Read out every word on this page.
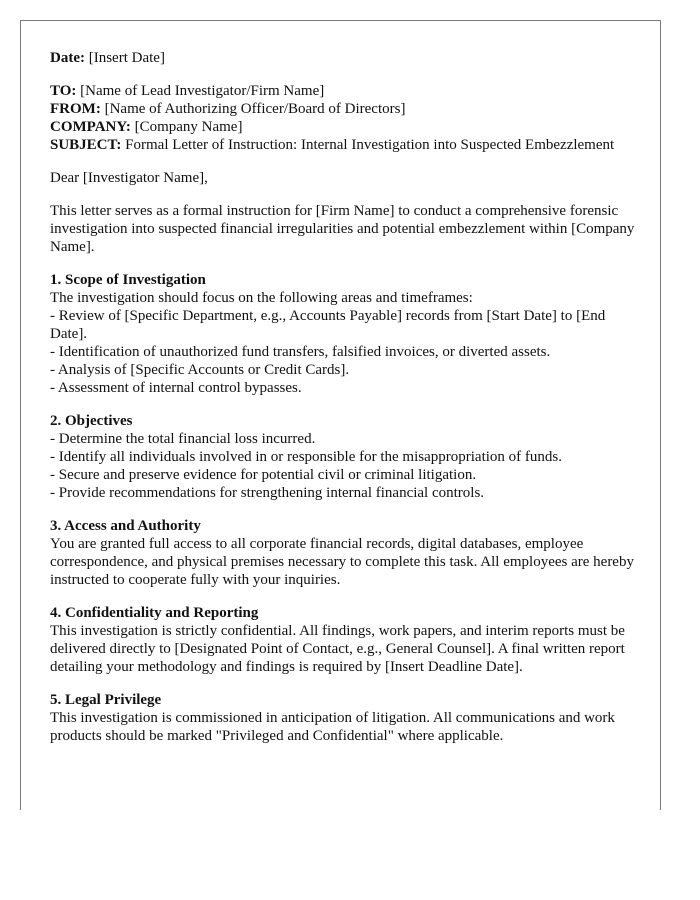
Date: [Insert Date]
TO: [Name of Lead Investigator/Firm Name]
FROM: [Name of Authorizing Officer/Board of Directors]
COMPANY: [Company Name]
SUBJECT: Formal Letter of Instruction: Internal Investigation into Suspected Embezzlement

Dear [Investigator Name],

This letter serves as a formal instruction for [Firm Name] to conduct a comprehensive forensic investigation into suspected financial irregularities and potential embezzlement within [Company Name].

1. Scope of Investigation
The investigation should focus on the following areas and timeframes:
- Review of [Specific Department, e.g., Accounts Payable] records from [Start Date] to [End Date].
- Identification of unauthorized fund transfers, falsified invoices, or diverted assets.
- Analysis of [Specific Accounts or Credit Cards].
- Assessment of internal control bypasses.
2. Objectives
- Determine the total financial loss incurred.
- Identify all individuals involved in or responsible for the misappropriation of funds.
- Secure and preserve evidence for potential civil or criminal litigation.
- Provide recommendations for strengthening internal financial controls.
3. Access and Authority
You are granted full access to all corporate financial records, digital databases, employee correspondence, and physical premises necessary to complete this task. All employees are hereby instructed to cooperate fully with your inquiries.
4. Confidentiality and Reporting
This investigation is strictly confidential. All findings, work papers, and interim reports must be delivered directly to [Designated Point of Contact, e.g., General Counsel]. A final written report detailing your methodology and findings is required by [Insert Deadline Date].
5. Legal Privilege
This investigation is commissioned in anticipation of litigation. All communications and work products should be marked "Privileged and Confidential" where applicable.
